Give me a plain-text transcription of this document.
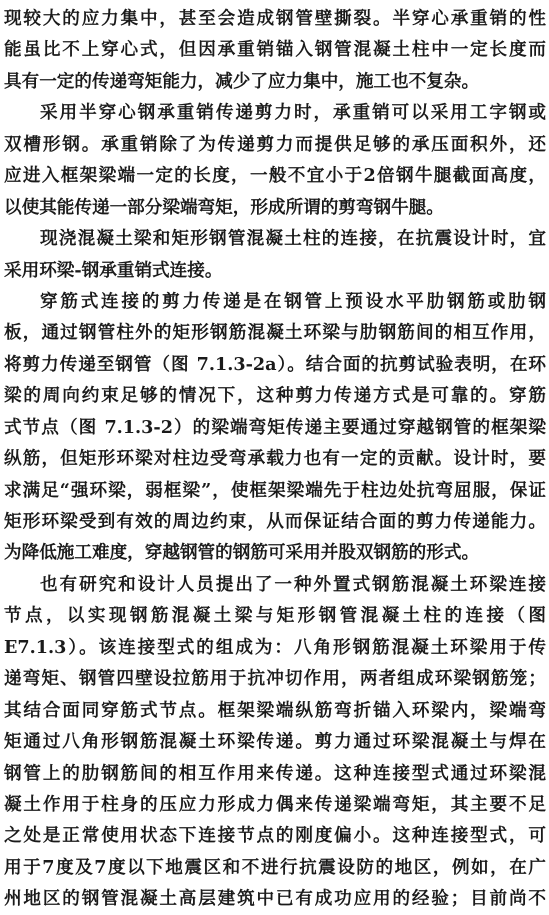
现较大的应力集中，甚至会造成钢管壁撕裂。半穿心承重销的性
能虽比不上穿心式，但因承重销锚入钢管混凝土柱中一定长度而
具有一定的传递弯矩能力，减少了应力集中，施工也不复杂。
采用半穿心钢承重销传递剪力时，承重销可以采用工字钢或
双槽形钢。承重销除了为传递剪力而提供足够的承压面积外，还
应进入框架梁端一定的长度，一般不宜小于2倍钢牛腿截面高度，
以使其能传递一部分梁端弯矩，形成所谓的剪弯钢牛腿。
现浇混凝土梁和矩形钢管混凝土柱的连接，在抗震设计时，宜
采用环梁-钢承重销式连接。
穿筋式连接的剪力传递是在钢管上预设水平肋钢筋或肋钢
板，通过钢管柱外的矩形钢筋混凝土环梁与肋钢筋间的相互作用，
将剪力传递至钢管（图 7.1.3-2a）。结合面的抗剪试验表明，在环
梁的周向约束足够的情况下，这种剪力传递方式是可靠的。穿筋
式节点（图 7.1.3-2）的梁端弯矩传递主要通过穿越钢管的框架梁
纵筋，但矩形环梁对柱边受弯承载力也有一定的贡献。设计时，要
求满足“强环梁，弱框梁”，使框架梁端先于柱边处抗弯屈服，保证
矩形环梁受到有效的周边约束，从而保证结合面的剪力传递能力。
为降低施工难度，穿越钢管的钢筋可采用并股双钢筋的形式。
也有研究和设计人员提出了一种外置式钢筋混凝土环梁连接
节点，以实现钢筋混凝土梁与矩形钢管混凝土柱的连接（图
E7.1.3）。该连接型式的组成为：八角形钢筋混凝土环梁用于传
递弯矩、钢管四壁设拉筋用于抗冲切作用，两者组成环梁钢筋笼；
其结合面同穿筋式节点。框架梁端纵筋弯折锚入环梁内，梁端弯
矩通过八角形钢筋混凝土环梁传递。剪力通过环梁混凝土与焊在
钢管上的肋钢筋间的相互作用来传递。这种连接型式通过环梁混
凝土作用于柱身的压应力形成力偶来传递梁端弯矩，其主要不足
之处是正常使用状态下连接节点的刚度偏小。这种连接型式，可
用于7度及7度以下地震区和不进行抗震设防的地区，例如，在广
州地区的钢管混凝土高层建筑中已有成功应用的经验；目前尚不
